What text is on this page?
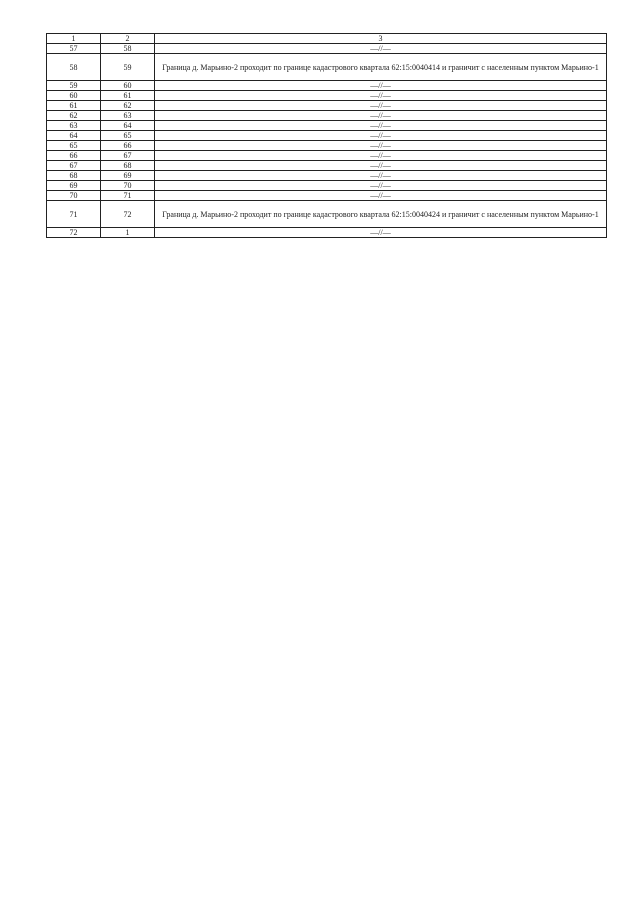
1	2	3
57	58	—//—
58	59	Граница д. Марьино-2 проходит по границе кадастрового квартала 62:15:0040414 и граничит с населенным пунктом Марьино-1
59	60	—//—
60	61	—//—
61	62	—//—
62	63	—//—
63	64	—//—
64	65	—//—
65	66	—//—
66	67	—//—
67	68	—//—
68	69	—//—
69	70	—//—
70	71	—//—
71	72	Граница д. Марьино-2 проходит по границе кадастрового квартала 62:15:0040424 и граничит с населенным пунктом Марьино-1
72	1	—//—
